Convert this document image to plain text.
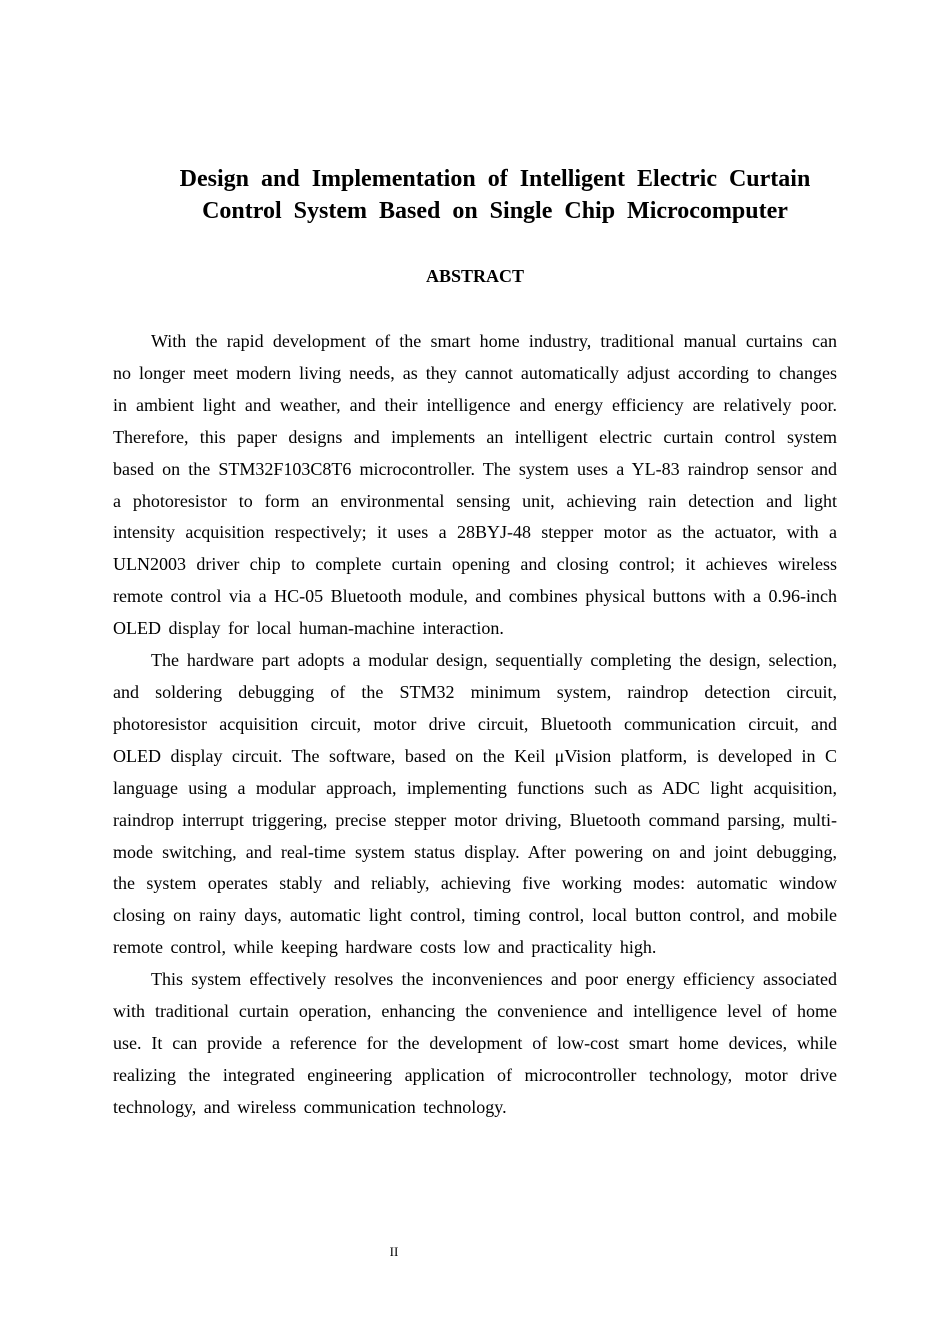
Design and Implementation of Intelligent Electric Curtain Control System Based on Single Chip Microcomputer
ABSTRACT

With the rapid development of the smart home industry, traditional manual curtains can no longer meet modern living needs, as they cannot automatically adjust according to changes in ambient light and weather, and their intelligence and energy efficiency are relatively poor. Therefore, this paper designs and implements an intelligent electric curtain control system based on the STM32F103C8T6 microcontroller. The system uses a YL-83 raindrop sensor and a photoresistor to form an environmental sensing unit, achieving rain detection and light intensity acquisition respectively; it uses a 28BYJ-48 stepper motor as the actuator, with a ULN2003 driver chip to complete curtain opening and closing control; it achieves wireless remote control via a HC-05 Bluetooth module, and combines physical buttons with a 0.96-inch OLED display for local human-machine interaction.

The hardware part adopts a modular design, sequentially completing the design, selection, and soldering debugging of the STM32 minimum system, raindrop detection circuit, photoresistor acquisition circuit, motor drive circuit, Bluetooth communication circuit, and OLED display circuit. The software, based on the Keil μVision platform, is developed in C language using a modular approach, implementing functions such as ADC light acquisition, raindrop interrupt triggering, precise stepper motor driving, Bluetooth command parsing, multi-mode switching, and real-time system status display. After powering on and joint debugging, the system operates stably and reliably, achieving five working modes: automatic window closing on rainy days, automatic light control, timing control, local button control, and mobile remote control, while keeping hardware costs low and practicality high.

This system effectively resolves the inconveniences and poor energy efficiency associated with traditional curtain operation, enhancing the convenience and intelligence level of home use. It can provide a reference for the development of low-cost smart home devices, while realizing the integrated engineering application of microcontroller technology, motor drive technology, and wireless communication technology.

II
